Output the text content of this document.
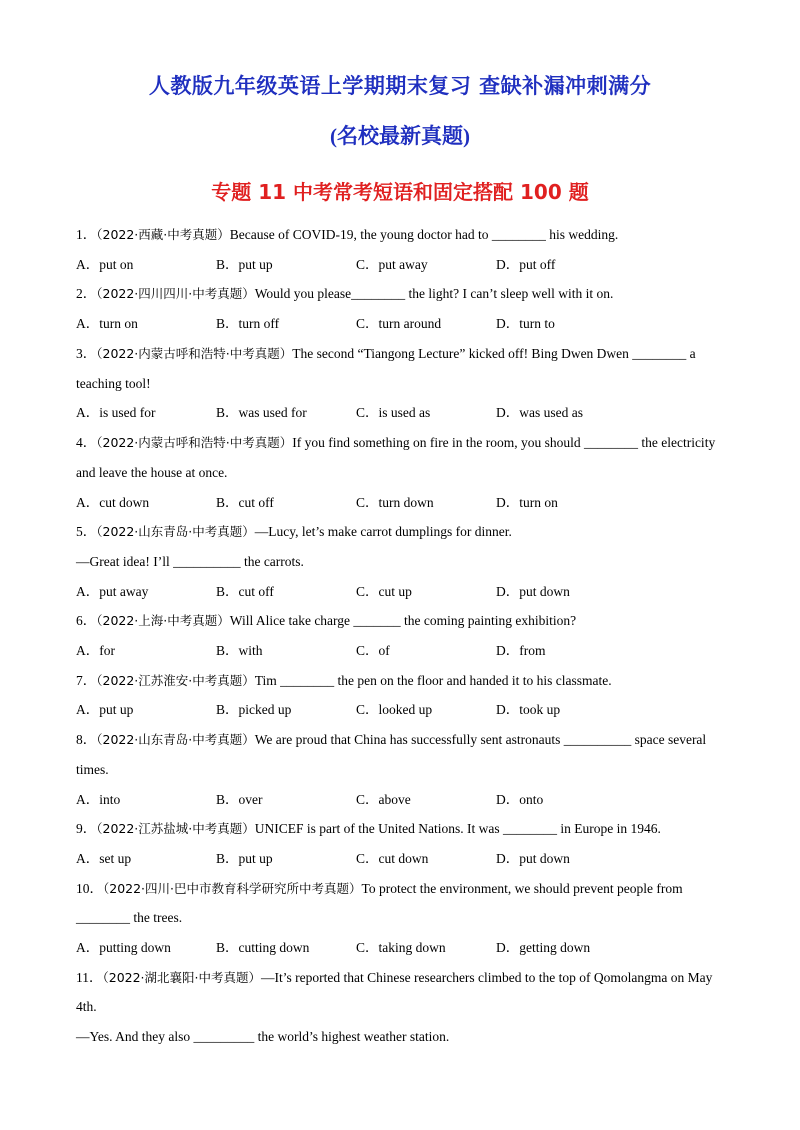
人教版九年级英语上学期期末复习 查缺补漏冲刺满分
(名校最新真题)
专题 11 中考常考短语和固定搭配 100 题
1．（2022·西藏·中考真题）Because of COVID-19, the young doctor had to ________ his wedding.
A．put on	B．put up	C．put away	D．put off
2．（2022·四川四川·中考真题）Would you please________ the light? I can’t sleep well with it on.
A．turn on	B．turn off	C．turn around	D．turn to
3．（2022·内蒙古呼和浩特·中考真题）The second “Tiangong Lecture” kicked off! Bing Dwen Dwen ________ a teaching tool!
A．is used for	B．was used for	C．is used as	D．was used as
4．（2022·内蒙古呼和浩特·中考真题）If you find something on fire in the room, you should ________ the electricity and leave the house at once.
A．cut down	B．cut off	C．turn down	D．turn on
5．（2022·山东青岛·中考真题）—Lucy, let’s make carrot dumplings for dinner.
—Great idea! I’ll __________ the carrots.
A．put away	B．cut off	C．cut up	D．put down
6．（2022·上海·中考真题）Will Alice take charge _______ the coming painting exhibition?
A．for	B．with	C．of	D．from
7．（2022·江苏淮安·中考真题）Tim ________ the pen on the floor and handed it to his classmate.
A．put up	B．picked up	C．looked up	D．took up
8．（2022·山东青岛·中考真题）We are proud that China has successfully sent astronauts __________ space several times.
A．into	B．over	C．above	D．onto
9．（2022·江苏盐城·中考真题）UNICEF is part of the United Nations. It was ________ in Europe in 1946.
A．set up	B．put up	C．cut down	D．put down
10．（2022·四川·巴中市教育科学研究所中考真题）To protect the environment, we should prevent people from ________ the trees.
A．putting down	B．cutting down	C．taking down	D．getting down
11．（2022·湖北襄阳·中考真题）—It’s reported that Chinese researchers climbed to the top of Qomolangma on May 4th.
—Yes. And they also _________ the world’s highest weather station.
